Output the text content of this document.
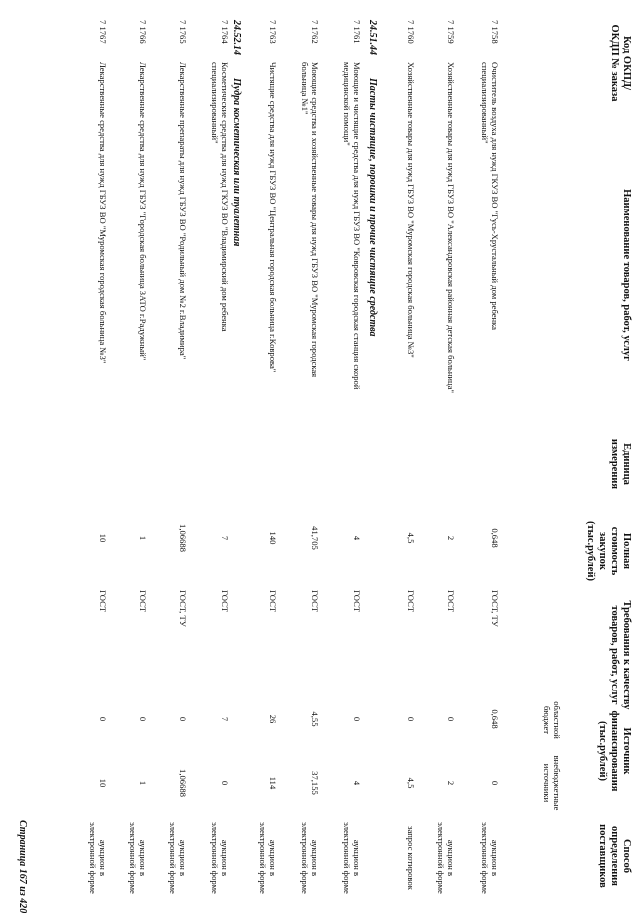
Код ОКПД/ ОКДП № заказа
Наименование товаров, работ, услуг
Единица измерения
Полная стоимость закупок (тыс.рублей)
Требования к качеству товаров, работ, услуг
Источник финансирования (тыс.рублей)
областной бюджет
внебюджетные источники
Способ определения поставщиков
7 1758
Очиститель воздуха для нужд ГКУЗ ВО "Гусь-Хрустальный дом ребенка специализированный"
0,648
ГОСТ, ТУ
0,648
0
аукцион в электронной форме
7 1759
Хозяйственные товары для нужд ГБУЗ ВО "Александровская районная детская больница"
2
ГОСТ
0
2
аукцион в электронной форме
7 1760
Хозяйственные товары для нужд ГБУЗ ВО "Муромская городская больница №3"
4,5
ГОСТ
0
4,5
запрос котировок
24.51.44
Пасты чистящие, порошки и прочие чистящие средства
7 1761
Моющие и чистящие средства для нужд ГБУЗ ВО "Ковровская городская станция скорой медицинской помощи"
4
ГОСТ
0
4
аукцион в электронной форме
7 1762
Моющие средства и хозяйственные товары для нужд ГБУЗ ВО "Муромская городская больница №1"
41,705
ГОСТ
4,55
37,155
аукцион в электронной форме
7 1763
Чистящие средства для нужд ГБУЗ ВО "Центральная городская больница г.Коврова"
140
ГОСТ
26
114
аукцион в электронной форме
24.52.14
Пудра косметическая или туалетная
7 1764
Косметические средства для нужд ГКУЗ ВО "Владимирский дом ребенка специализированный"
7
ГОСТ
7
0
аукцион в электронной форме
7 1765
Лекарственные препараты для нужд ГБУЗ ВО "Родильный дом №2 г.Владимира"
1,06688
ГОСТ, ТУ
0
1,06688
аукцион в электронной форме
7 1766
Лекарственные средства для нужд ГБУЗ "Городская больница ЗАТО г.Радужный"
1
ГОСТ
0
1
аукцион в электронной форме
7 1767
Лекарственные средства для нужд ГБУЗ ВО "Муромская городская больница №3"
10
ГОСТ
0
10
аукцион в электронной форме
Страница 167 из 420
